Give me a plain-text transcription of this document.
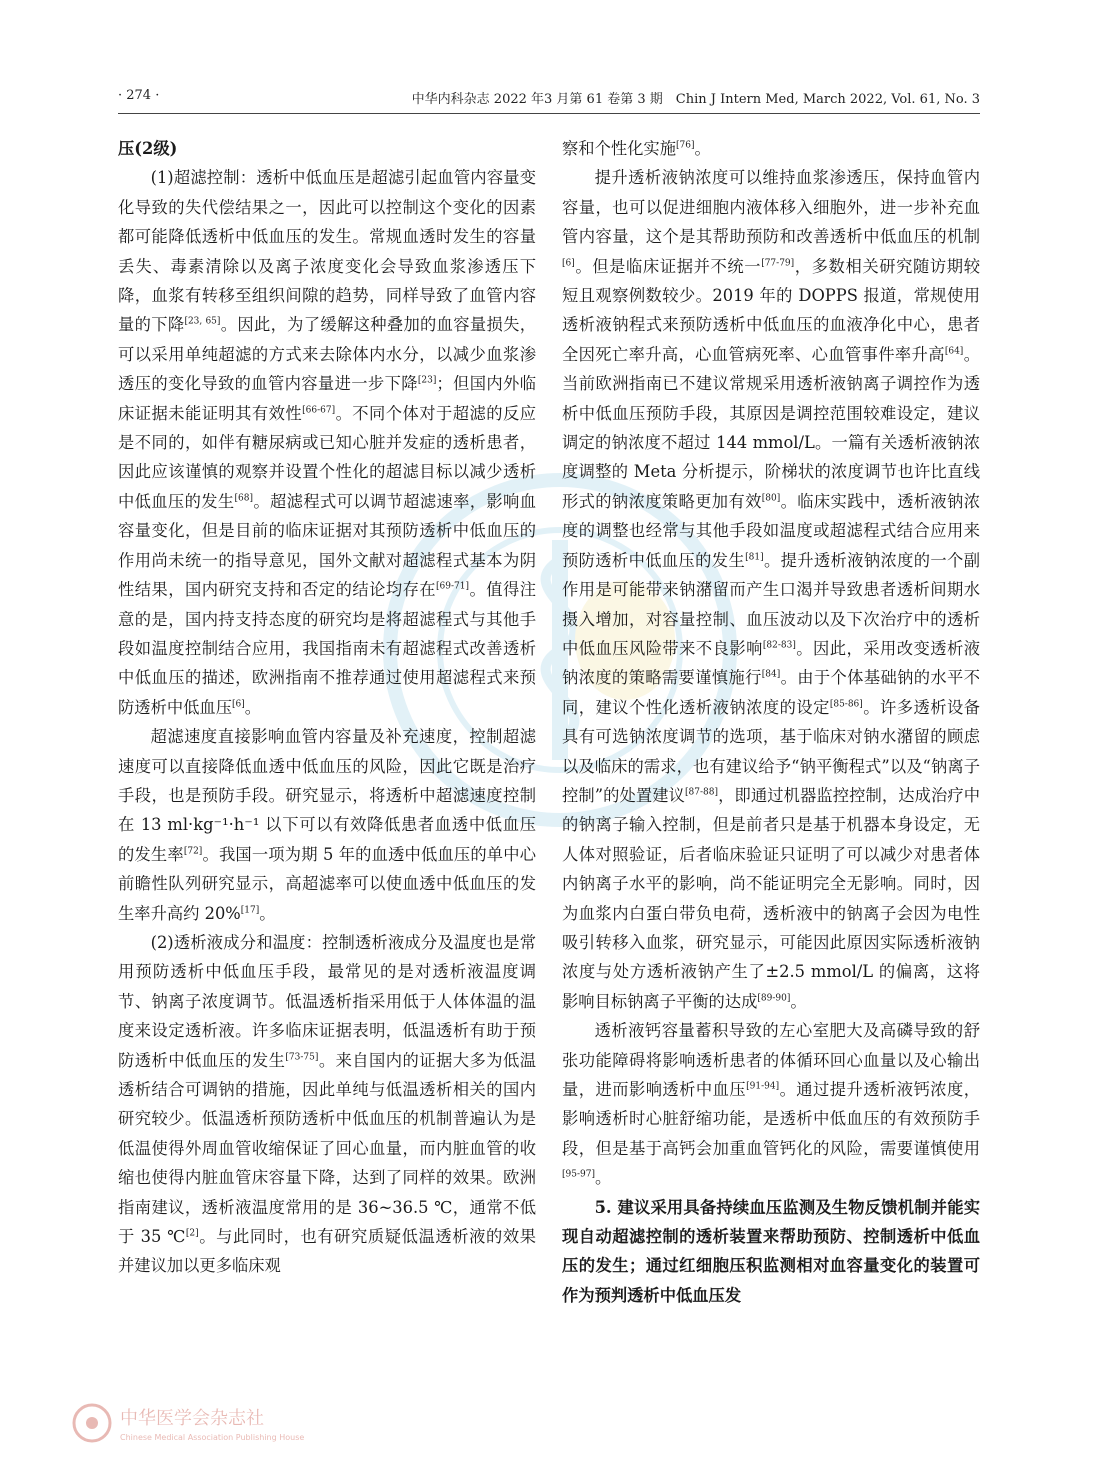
· 274 ·	中华内科杂志 2022 年3 月第 61 卷第 3 期　Chin J Intern Med, March 2022, Vol. 61, No. 3

压(2级)

(1)超滤控制：透析中低血压是超滤引起血管内容量变化导致的失代偿结果之一，因此可以控制这个变化的因素都可能降低透析中低血压的发生。常规血透时发生的容量丢失、毒素清除以及离子浓度变化会导致血浆渗透压下降，血浆有转移至组织间隙的趋势，同样导致了血管内容量的下降[23, 65]。因此，为了缓解这种叠加的血容量损失，可以采用单纯超滤的方式来去除体内水分，以减少血浆渗透压的变化导致的血管内容量进一步下降[23]；但国内外临床证据未能证明其有效性[66-67]。不同个体对于超滤的反应是不同的，如伴有糖尿病或已知心脏并发症的透析患者，因此应该谨慎的观察并设置个性化的超滤目标以减少透析中低血压的发生[68]。超滤程式可以调节超滤速率，影响血容量变化，但是目前的临床证据对其预防透析中低血压的作用尚未统一的指导意见，国外文献对超滤程式基本为阴性结果，国内研究支持和否定的结论均存在[69-71]。值得注意的是，国内持支持态度的研究均是将超滤程式与其他手段如温度控制结合应用，我国指南未有超滤程式改善透析中低血压的描述，欧洲指南不推荐通过使用超滤程式来预防透析中低血压[6]。

超滤速度直接影响血管内容量及补充速度，控制超滤速度可以直接降低血透中低血压的风险，因此它既是治疗手段，也是预防手段。研究显示，将透析中超滤速度控制在 13 ml·kg⁻¹·h⁻¹ 以下可以有效降低患者血透中低血压的发生率[72]。我国一项为期 5 年的血透中低血压的单中心前瞻性队列研究显示，高超滤率可以使血透中低血压的发生率升高约 20%[17]。

(2)透析液成分和温度：控制透析液成分及温度也是常用预防透析中低血压手段，最常见的是对透析液温度调节、钠离子浓度调节。低温透析指采用低于人体体温的温度来设定透析液。许多临床证据表明，低温透析有助于预防透析中低血压的发生[73-75]。来自国内的证据大多为低温透析结合可调钠的措施，因此单纯与低温透析相关的国内研究较少。低温透析预防透析中低血压的机制普遍认为是低温使得外周血管收缩保证了回心血量，而内脏血管的收缩也使得内脏血管床容量下降，达到了同样的效果。欧洲指南建议，透析液温度常用的是 36~36.5 ℃，通常不低于 35 ℃[2]。与此同时，也有研究质疑低温透析液的效果并建议加以更多临床观

察和个性化实施[76]。

提升透析液钠浓度可以维持血浆渗透压，保持血管内容量，也可以促进细胞内液体移入细胞外，进一步补充血管内容量，这个是其帮助预防和改善透析中低血压的机制[6]。但是临床证据并不统一[77-79]，多数相关研究随访期较短且观察例数较少。2019 年的 DOPPS 报道，常规使用透析液钠程式来预防透析中低血压的血液净化中心，患者全因死亡率升高，心血管病死率、心血管事件率升高[64]。当前欧洲指南已不建议常规采用透析液钠离子调控作为透析中低血压预防手段，其原因是调控范围较难设定，建议调定的钠浓度不超过 144 mmol/L。一篇有关透析液钠浓度调整的 Meta 分析提示，阶梯状的浓度调节也许比直线形式的钠浓度策略更加有效[80]。临床实践中，透析液钠浓度的调整也经常与其他手段如温度或超滤程式结合应用来预防透析中低血压的发生[81]。提升透析液钠浓度的一个副作用是可能带来钠潴留而产生口渴并导致患者透析间期水摄入增加，对容量控制、血压波动以及下次治疗中的透析中低血压风险带来不良影响[82-83]。因此，采用改变透析液钠浓度的策略需要谨慎施行[84]。由于个体基础钠的水平不同，建议个性化透析液钠浓度的设定[85-86]。许多透析设备具有可选钠浓度调节的选项，基于临床对钠水潴留的顾虑以及临床的需求，也有建议给予“钠平衡程式”以及“钠离子控制”的处置建议[87-88]，即通过机器监控控制，达成治疗中的钠离子输入控制，但是前者只是基于机器本身设定，无人体对照验证，后者临床验证只证明了可以减少对患者体内钠离子水平的影响，尚不能证明完全无影响。同时，因为血浆内白蛋白带负电荷，透析液中的钠离子会因为电性吸引转移入血浆，研究显示，可能因此原因实际透析液钠浓度与处方透析液钠产生了±2.5 mmol/L 的偏离，这将影响目标钠离子平衡的达成[89-90]。

透析液钙容量蓄积导致的左心室肥大及高磷导致的舒张功能障碍将影响透析患者的体循环回心血量以及心输出量，进而影响透析中血压[91-94]。通过提升透析液钙浓度，影响透析时心脏舒缩功能，是透析中低血压的有效预防手段，但是基于高钙会加重血管钙化的风险，需要谨慎使用[95-97]。

5. 建议采用具备持续血压监测及生物反馈机制并能实现自动超滤控制的透析装置来帮助预防、控制透析中低血压的发生；通过红细胞压积监测相对血容量变化的装置可作为预判透析中低血压发

中华医学会杂志社
Chinese Medical Association Publishing House
